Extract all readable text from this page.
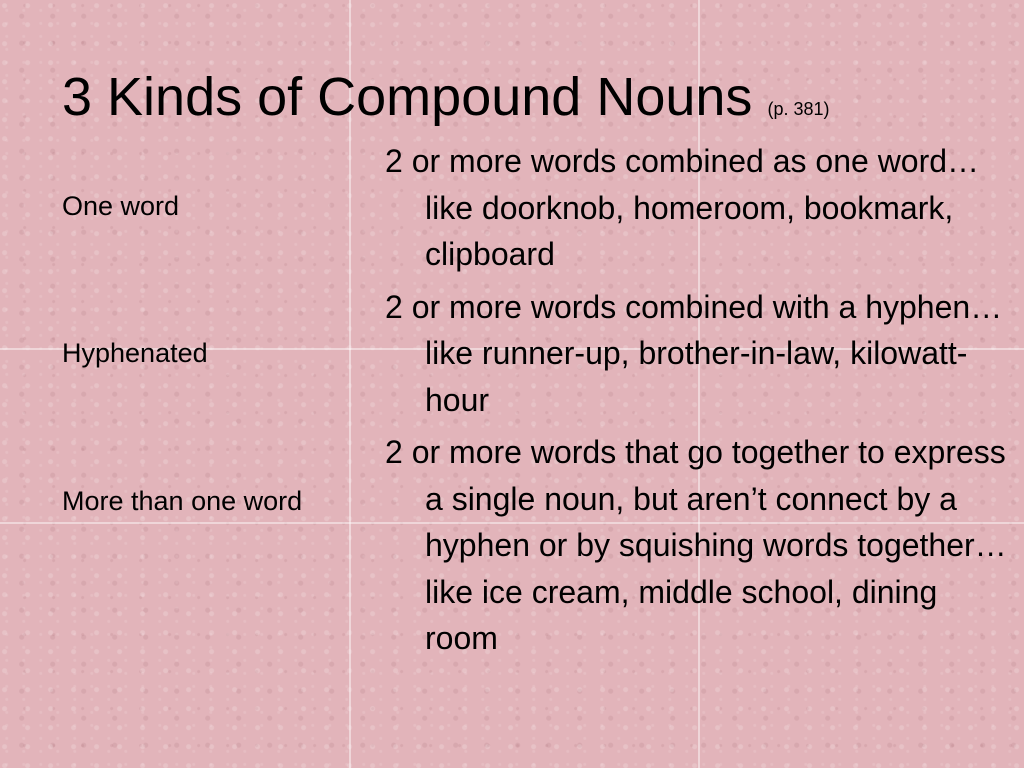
3 Kinds of Compound Nouns (p. 381)
One word
Hyphenated
More than one word
2 or more words combined as one word… like doorknob, homeroom, bookmark, clipboard
2 or more words combined with a hyphen… like runner-up, brother-in-law, kilowatt-hour
2 or more words that go together to express a single noun, but aren’t connect by a hyphen or by squishing words together… like ice cream, middle school, dining room
